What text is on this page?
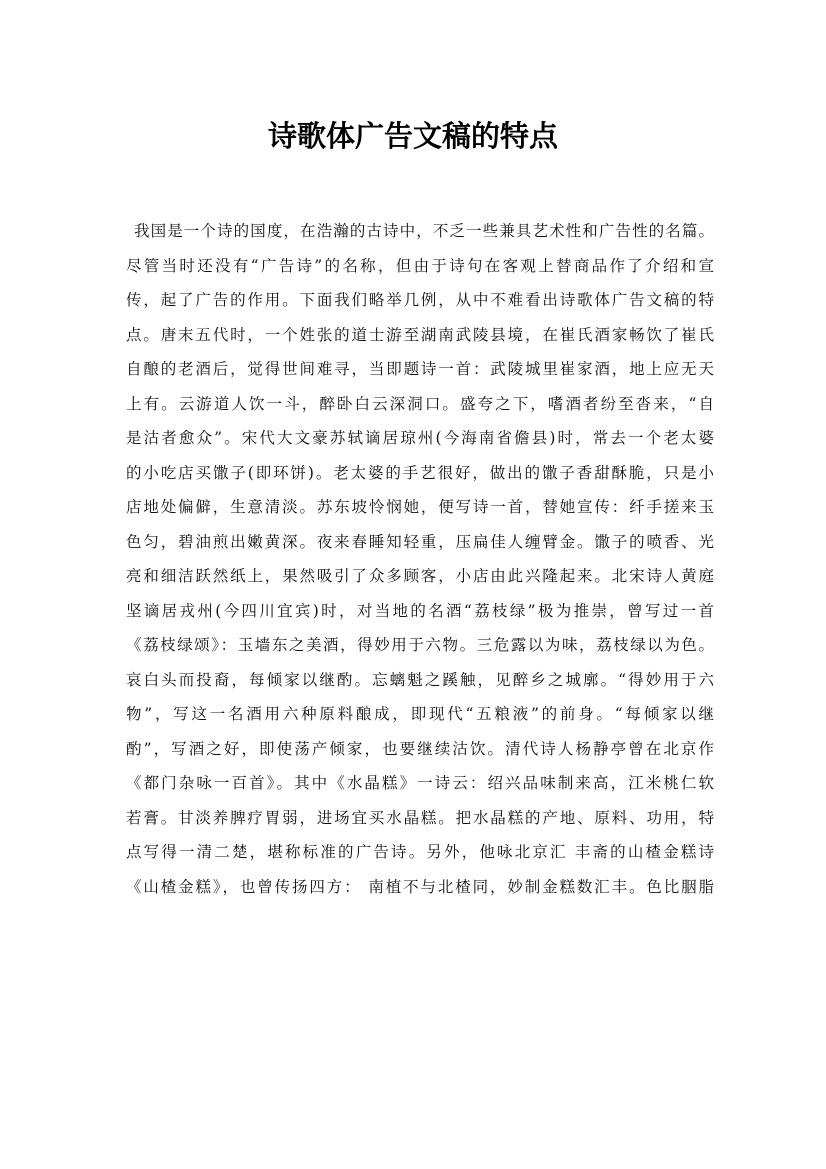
诗歌体广告文稿的特点
我国是一个诗的国度，在浩瀚的古诗中，不乏一些兼具艺术性和广告性的名篇。
尽管当时还没有“广告诗”的名称，但由于诗句在客观上替商品作了介绍和宣
传，起了广告的作用。下面我们略举几例，从中不难看出诗歌体广告文稿的特
点。唐末五代时，一个姓张的道士游至湖南武陵县境，在崔氏酒家畅饮了崔氏
自酿的老酒后，觉得世间难寻，当即题诗一首：武陵城里崔家酒，地上应无天
上有。云游道人饮一斗，醉卧白云深洞口。盛夸之下，嗜酒者纷至沓来，“自
是沽者愈众”。宋代大文豪苏轼谪居琼州(今海南省儋县)时，常去一个老太婆
的小吃店买馓子(即环饼)。老太婆的手艺很好，做出的馓子香甜酥脆，只是小
店地处偏僻，生意清淡。苏东坡怜悯她，便写诗一首，替她宣传：纤手搓来玉
色匀，碧油煎出嫩黄深。夜来春睡知轻重，压扁佳人缠臂金。馓子的喷香、光
亮和细洁跃然纸上，果然吸引了众多顾客，小店由此兴隆起来。北宋诗人黄庭
坚谪居戎州(今四川宜宾)时，对当地的名酒“荔枝绿”极为推崇，曾写过一首
《荔枝绿颂》：玉墙东之美酒，得妙用于六物。三危露以为味，荔枝绿以为色。
哀白头而投裔，每倾家以继酌。忘螭魁之蹊触，见醉乡之城廓。“得妙用于六
物”，写这一名酒用六种原料酿成，即现代“五粮液”的前身。“每倾家以继
酌”，写酒之好，即使荡产倾家，也要继续沽饮。清代诗人杨静亭曾在北京作
《都门杂咏一百首》。其中《水晶糕》一诗云：绍兴品味制来高，江米桃仁软
若膏。甘淡养脾疗胃弱，进场宜买水晶糕。把水晶糕的产地、原料、功用，特
点写得一清二楚，堪称标准的广告诗。另外，他咏北京汇 丰斋的山楂金糕诗
《山楂金糕》，也曾传扬四方： 南植不与北楂同，妙制金糕数汇丰。色比胭脂
